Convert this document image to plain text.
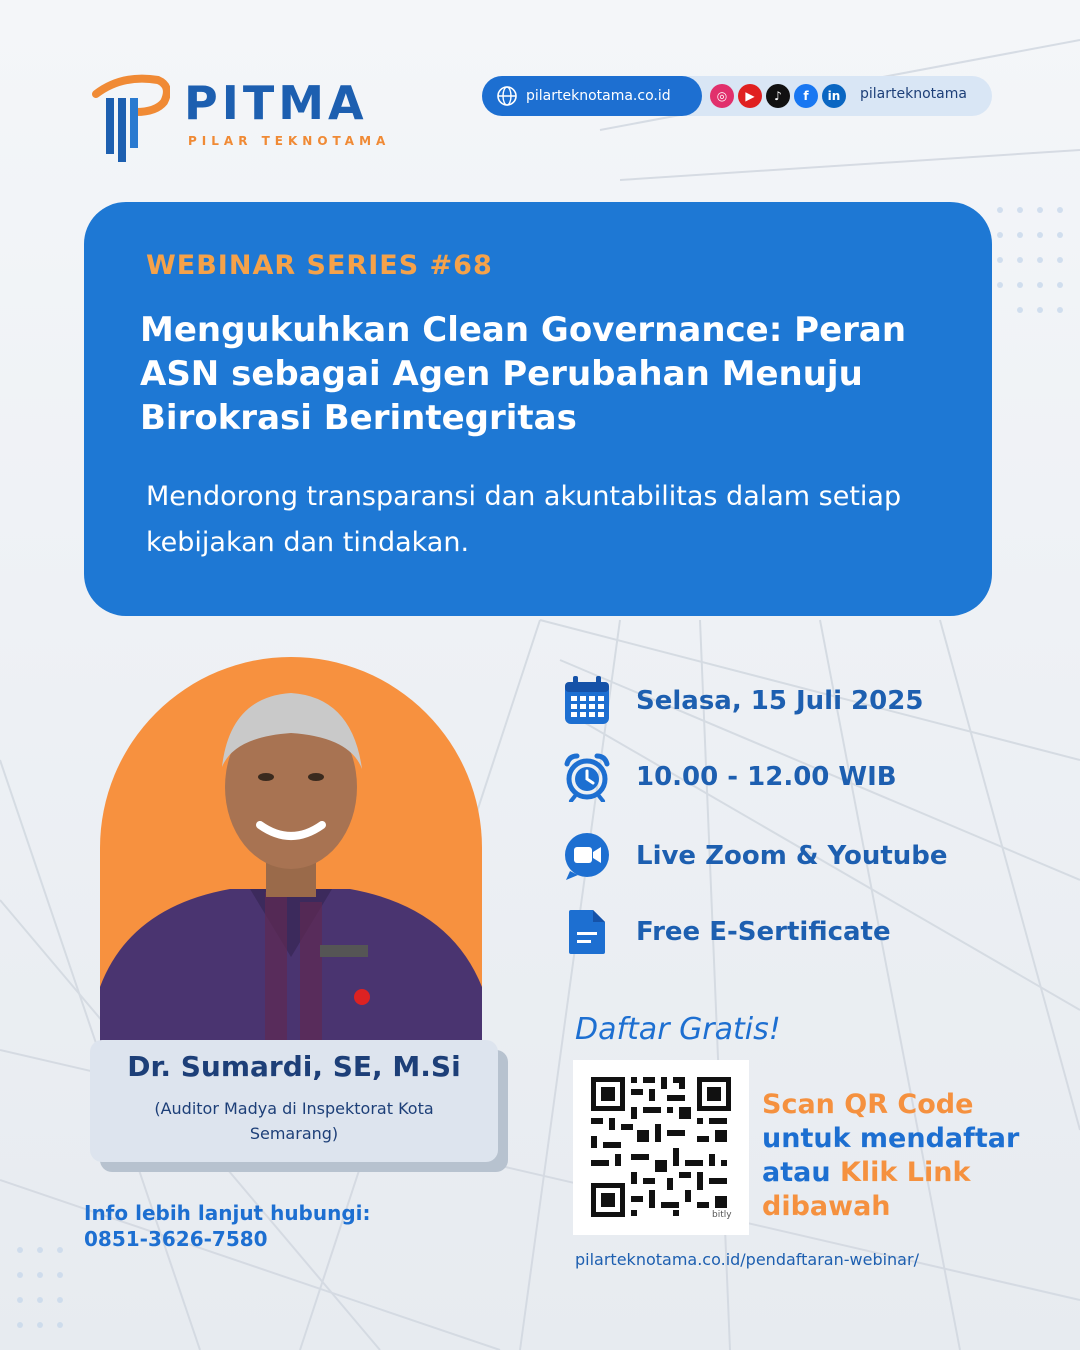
PITMA
PILAR TEKNOTAMA
pilarteknotama.co.id	◎	▶	♪	f	in	pilarteknotama
WEBINAR SERIES #68
Mengukuhkan Clean Governance: Peran ASN sebagai Agen Perubahan Menuju Birokrasi Berintegritas
Mendorong transparansi dan akuntabilitas dalam setiap kebijakan dan tindakan.
Dr. Sumardi, SE, M.Si
(Auditor Madya di Inspektorat Kota Semarang)
Selasa, 15 Juli 2025
10.00 - 12.00 WIB
Live Zoom & Youtube
Free E-Sertificate
Daftar Gratis!
bitly
Scan QR Code
untuk mendaftar
atau Klik Link
dibawah
pilarteknotama.co.id/pendaftaran-webinar/
Info lebih lanjut hubungi:
0851-3626-7580
